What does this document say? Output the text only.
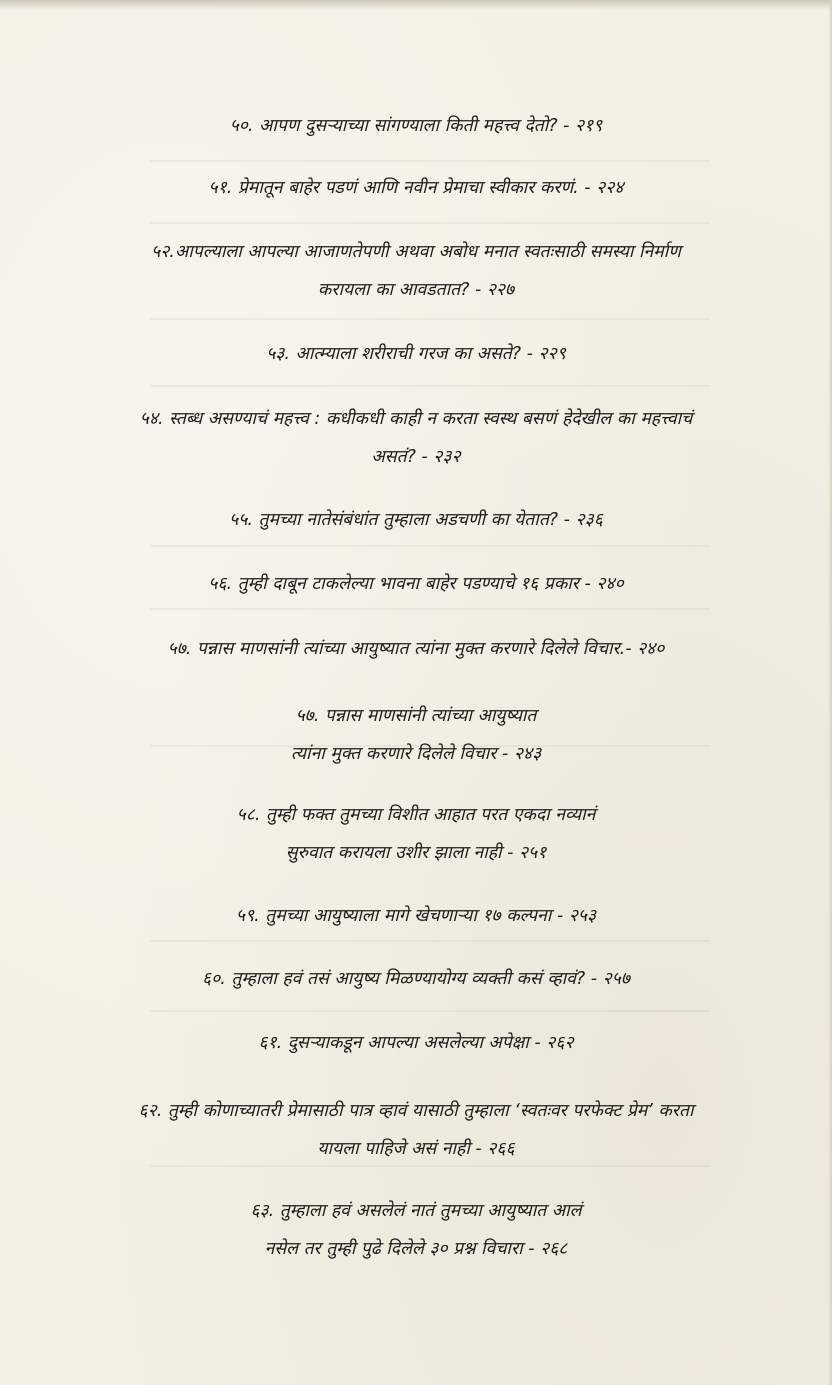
५०. आपण दुसऱ्याच्या सांगण्याला किती महत्त्व देतो? - २१९
५१. प्रेमातून बाहेर पडणं आणि नवीन प्रेमाचा स्वीकार करणं. - २२४
५२.आपल्याला आपल्या आजाणतेपणी अथवा अबोध मनात स्वतःसाठी समस्या निर्माण
करायला का आवडतात? - २२७
५३. आत्म्याला शरीराची गरज का असते? - २२९
५४. स्तब्ध असण्याचं महत्त्व : कधीकधी काही न करता स्वस्थ बसणं हेदेखील का महत्त्वाचं
असतं? - २३२
५५. तुमच्या नातेसंबंधांत तुम्हाला अडचणी का येतात? - २३६
५६. तुम्ही दाबून टाकलेल्या भावना बाहेर पडण्याचे १६ प्रकार - २४०
५७. पन्नास माणसांनी त्यांच्या आयुष्यात त्यांना मुक्त करणारे दिलेले विचार.- २४०
५७. पन्नास माणसांनी त्यांच्या आयुष्यात
त्यांना मुक्त करणारे दिलेले विचार - २४३
५८. तुम्ही फक्त तुमच्या विशीत आहात परत एकदा नव्यानं
सुरुवात करायला उशीर झाला नाही - २५१
५९. तुमच्या आयुष्याला मागे खेचणाऱ्या १७ कल्पना - २५३
६०. तुम्हाला हवं तसं आयुष्य मिळण्यायोग्य व्यक्ती कसं व्हावं? - २५७
६१. दुसऱ्याकडून आपल्या असलेल्या अपेक्षा - २६२
६२. तुम्ही कोणाच्यातरी प्रेमासाठी पात्र व्हावं यासाठी तुम्हाला ‘स्वतःवर परफेक्ट प्रेम’ करता
यायला पाहिजे असं नाही - २६६
६३. तुम्हाला हवं असलेलं नातं तुमच्या आयुष्यात आलं
नसेल तर तुम्ही पुढे दिलेले ३० प्रश्न विचारा - २६८
